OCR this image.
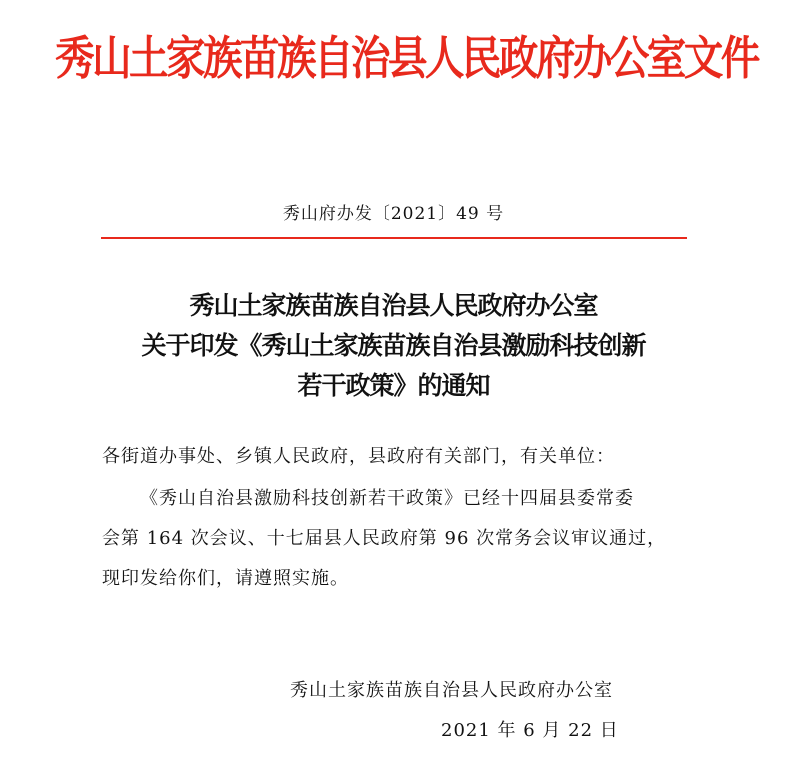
秀山土家族苗族自治县人民政府办公室文件
秀山府办发〔2021〕49 号
秀山土家族苗族自治县人民政府办公室
关于印发《秀山土家族苗族自治县激励科技创新
若干政策》的通知
各街道办事处、乡镇人民政府，县政府有关部门，有关单位：
《秀山自治县激励科技创新若干政策》已经十四届县委常委
会第 164 次会议、十七届县人民政府第 96 次常务会议审议通过，
现印发给你们，请遵照实施。
秀山土家族苗族自治县人民政府办公室
2021 年 6 月 22 日
